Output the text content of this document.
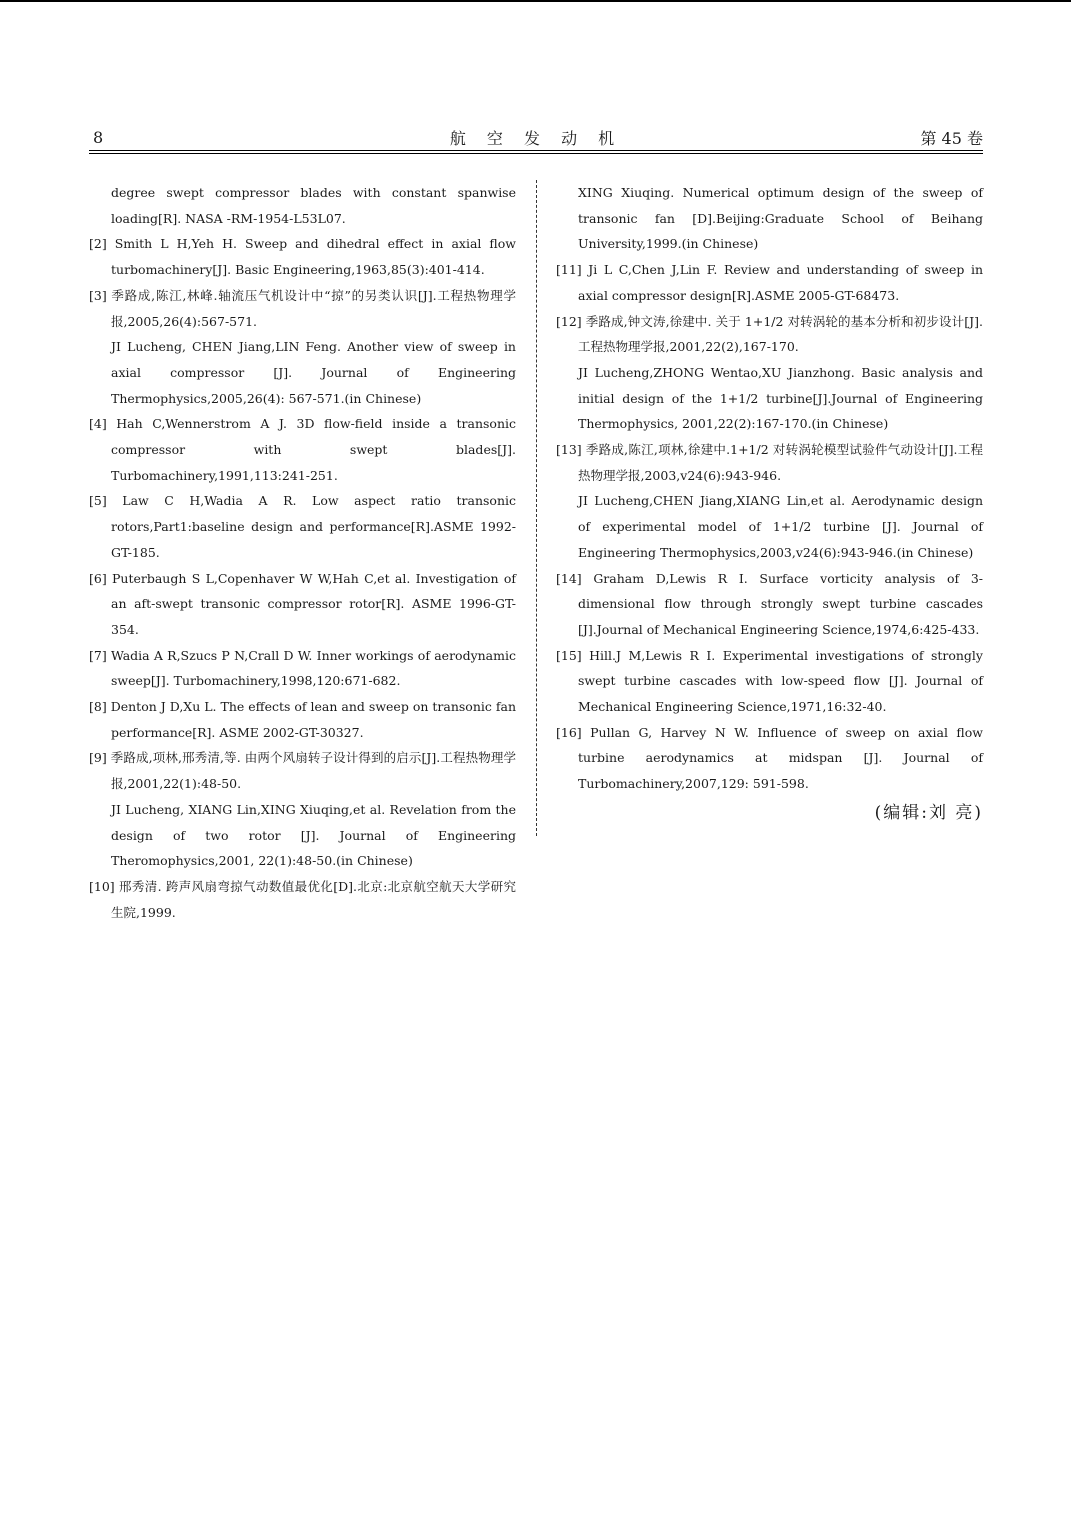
8	航 空 发 动 机	第 45 卷
degree swept compressor blades with constant spanwise loading[R]. NASA -RM-1954-L53L07.
[2] Smith L H,Yeh H. Sweep and dihedral effect in axial flow turbomachinery[J]. Basic Engineering,1963,85(3):401-414.
[3] 季路成,陈江,林峰.轴流压气机设计中“掠”的另类认识[J].工程热物理学报,2005,26(4):567-571.
JI Lucheng, CHEN Jiang,LIN Feng. Another view of sweep in axial compressor [J]. Journal of Engineering Thermophysics,2005,26(4): 567-571.(in Chinese)
[4] Hah C,Wennerstrom A J. 3D flow-field inside a transonic compressor with swept blades[J]. Turbomachinery,1991,113:241-251.
[5] Law C H,Wadia A R. Low aspect ratio transonic rotors,Part1:baseline design and performance[R].ASME 1992-GT-185.
[6] Puterbaugh S L,Copenhaver W W,Hah C,et al. Investigation of an aft-swept transonic compressor rotor[R]. ASME 1996-GT-354.
[7] Wadia A R,Szucs P N,Crall D W. Inner workings of aerodynamic sweep[J]. Turbomachinery,1998,120:671-682.
[8] Denton J D,Xu L. The effects of lean and sweep on transonic fan performance[R]. ASME 2002-GT-30327.
[9] 季路成,项林,邢秀清,等. 由两个风扇转子设计得到的启示[J].工程热物理学报,2001,22(1):48-50.
JI Lucheng, XIANG Lin,XING Xiuqing,et al. Revelation from the design of two rotor [J]. Journal of Engineering Theromophysics,2001, 22(1):48-50.(in Chinese)
[10] 邢秀清. 跨声风扇弯掠气动数值最优化[D].北京:北京航空航天大学研究生院,1999.
XING Xiuqing. Numerical optimum design of the sweep of transonic fan [D].Beijing:Graduate School of Beihang University,1999.(in Chinese)
[11] Ji L C,Chen J,Lin F. Review and understanding of sweep in axial compressor design[R].ASME 2005-GT-68473.
[12] 季路成,钟文涛,徐建中. 关于 1+1/2 对转涡轮的基本分析和初步设计[J].工程热物理学报,2001,22(2),167-170.
JI Lucheng,ZHONG Wentao,XU Jianzhong. Basic analysis and initial design of the 1+1/2 turbine[J].Journal of Engineering Thermophysics, 2001,22(2):167-170.(in Chinese)
[13] 季路成,陈江,项林,徐建中.1+1/2 对转涡轮模型试验件气动设计[J].工程热物理学报,2003,v24(6):943-946.
JI Lucheng,CHEN Jiang,XIANG Lin,et al. Aerodynamic design of experimental model of 1+1/2 turbine [J]. Journal of Engineering Thermophysics,2003,v24(6):943-946.(in Chinese)
[14] Graham D,Lewis R I. Surface vorticity analysis of 3-dimensional flow through strongly swept turbine cascades [J].Journal of Mechanical Engineering Science,1974,6:425-433.
[15] Hill.J M,Lewis R I. Experimental investigations of strongly swept turbine cascades with low-speed flow [J]. Journal of Mechanical Engineering Science,1971,16:32-40.
[16] Pullan G, Harvey N W. Influence of sweep on axial flow turbine aerodynamics at midspan [J]. Journal of Turbomachinery,2007,129: 591-598.
(编辑:刘 亮)
